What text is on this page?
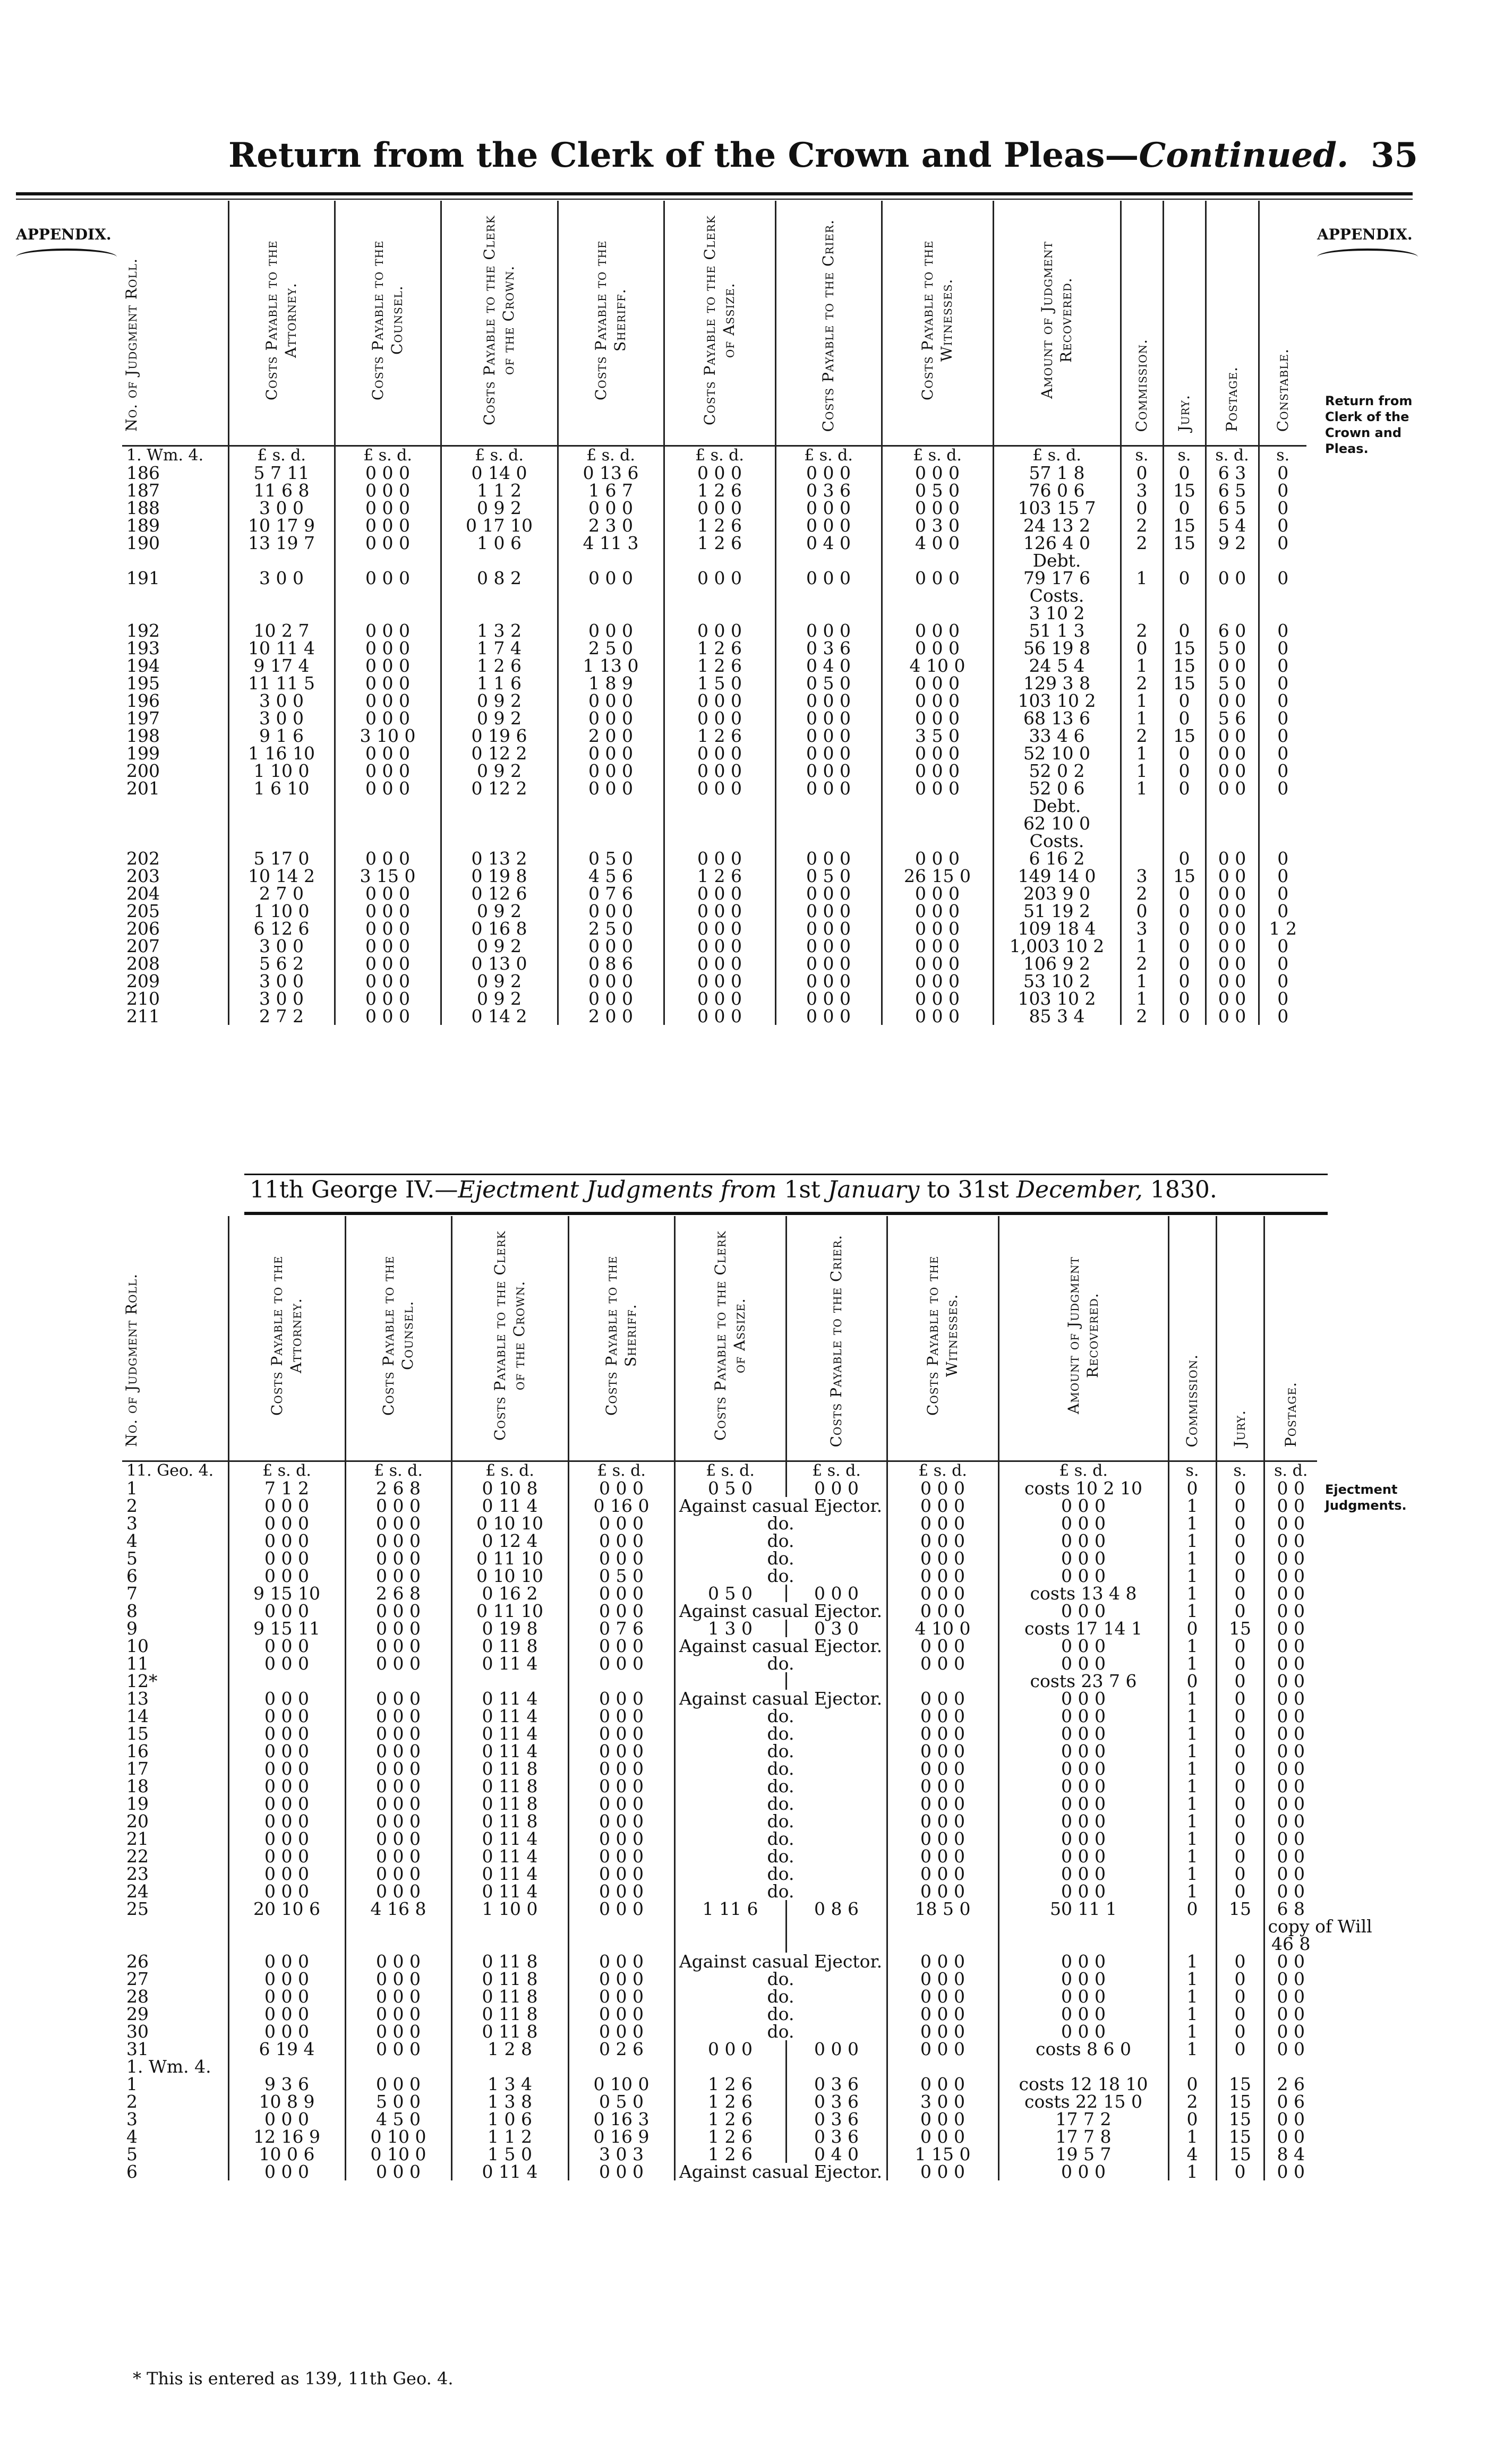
Return from the Clerk of the Crown and Pleas—Continued. 35
APPENDIX.	APPENDIX.
Return from Clerk of the Crown and Pleas.
Ejectment Judgments.
No. of Judgment Roll.	Costs Payable to the Attorney.	Costs Payable to the Counsel.	Costs Payable to the Clerk of the Crown.	Costs Payable to the Sheriff.	Costs Payable to the Clerk of Assize.	Costs Payable to the Crier.	Costs Payable to the Witnesses.	Amount of Judgment Recovered.	Commission.	Jury.	Postage.	Constable.
1. Wm. 4.	£ s. d.	£ s. d.	£ s. d.	£ s. d.	£ s. d.	£ s. d.	£ s. d.	£ s. d.	s.	s.	s. d.	s.
186	5 7 11	0 0 0	0 14 0	0 13 6	0 0 0	0 0 0	0 0 0	57 1 8	0	0	6 3	0
187	11 6 8	0 0 0	1 1 2	1 6 7	1 2 6	0 3 6	0 5 0	76 0 6	3	15	6 5	0
188	3 0 0	0 0 0	0 9 2	0 0 0	0 0 0	0 0 0	0 0 0	103 15 7	0	0	6 5	0
189	10 17 9	0 0 0	0 17 10	2 3 0	1 2 6	0 0 0	0 3 0	24 13 2	2	15	5 4	0
190	13 19 7	0 0 0	1 0 6	4 11 3	1 2 6	0 4 0	4 0 0	126 4 0	2	15	9 2	0
								Debt.				
191	3 0 0	0 0 0	0 8 2	0 0 0	0 0 0	0 0 0	0 0 0	79 17 6	1	0	0 0	0
								Costs.				
								3 10 2				
192	10 2 7	0 0 0	1 3 2	0 0 0	0 0 0	0 0 0	0 0 0	51 1 3	2	0	6 0	0
193	10 11 4	0 0 0	1 7 4	2 5 0	1 2 6	0 3 6	0 0 0	56 19 8	0	15	5 0	0
194	9 17 4	0 0 0	1 2 6	1 13 0	1 2 6	0 4 0	4 10 0	24 5 4	1	15	0 0	0
195	11 11 5	0 0 0	1 1 6	1 8 9	1 5 0	0 5 0	0 0 0	129 3 8	2	15	5 0	0
196	3 0 0	0 0 0	0 9 2	0 0 0	0 0 0	0 0 0	0 0 0	103 10 2	1	0	0 0	0
197	3 0 0	0 0 0	0 9 2	0 0 0	0 0 0	0 0 0	0 0 0	68 13 6	1	0	5 6	0
198	9 1 6	3 10 0	0 19 6	2 0 0	1 2 6	0 0 0	3 5 0	33 4 6	2	15	0 0	0
199	1 16 10	0 0 0	0 12 2	0 0 0	0 0 0	0 0 0	0 0 0	52 10 0	1	0	0 0	0
200	1 10 0	0 0 0	0 9 2	0 0 0	0 0 0	0 0 0	0 0 0	52 0 2	1	0	0 0	0
201	1 6 10	0 0 0	0 12 2	0 0 0	0 0 0	0 0 0	0 0 0	52 0 6	1	0	0 0	0
								Debt.				
								62 10 0				
								Costs.				
202	5 17 0	0 0 0	0 13 2	0 5 0	0 0 0	0 0 0	0 0 0	6 16 2		0	0 0	0
203	10 14 2	3 15 0	0 19 8	4 5 6	1 2 6	0 5 0	26 15 0	149 14 0	3	15	0 0	0
204	2 7 0	0 0 0	0 12 6	0 7 6	0 0 0	0 0 0	0 0 0	203 9 0	2	0	0 0	0
205	1 10 0	0 0 0	0 9 2	0 0 0	0 0 0	0 0 0	0 0 0	51 19 2	0	0	0 0	0
206	6 12 6	0 0 0	0 16 8	2 5 0	0 0 0	0 0 0	0 0 0	109 18 4	3	0	0 0	1 2
207	3 0 0	0 0 0	0 9 2	0 0 0	0 0 0	0 0 0	0 0 0	1,003 10 2	1	0	0 0	0
208	5 6 2	0 0 0	0 13 0	0 8 6	0 0 0	0 0 0	0 0 0	106 9 2	2	0	0 0	0
209	3 0 0	0 0 0	0 9 2	0 0 0	0 0 0	0 0 0	0 0 0	53 10 2	1	0	0 0	0
210	3 0 0	0 0 0	0 9 2	0 0 0	0 0 0	0 0 0	0 0 0	103 10 2	1	0	0 0	0
211	2 7 2	0 0 0	0 14 2	2 0 0	0 0 0	0 0 0	0 0 0	85 3 4	2	0	0 0	0
11th George IV.—Ejectment Judgments from 1st January to 31st December, 1830.
No. of Judgment Roll.	Costs Payable to the Attorney.	Costs Payable to the Counsel.	Costs Payable to the Clerk of the Crown.	Costs Payable to the Sheriff.	Costs Payable to the Clerk of Assize.	Costs Payable to the Crier.	Costs Payable to the Witnesses.	Amount of Judgment Recovered.	Commission.	Jury.	Postage.
11. Geo. 4.	£ s. d.	£ s. d.	£ s. d.	£ s. d.	£ s. d.	£ s. d.	£ s. d.	£ s. d.	s.	s.	s. d.
1	7 1 2	2 6 8	0 10 8	0 0 0	0 5 0	0 0 0	0 0 0	costs 10 2 10	0	0	0 0
2	0 0 0	0 0 0	0 11 4	0 16 0	Against casual Ejector.		0 0 0	0 0 0	1	0	0 0
3	0 0 0	0 0 0	0 10 10	0 0 0	do.		0 0 0	0 0 0	1	0	0 0
4	0 0 0	0 0 0	0 12 4	0 0 0	do.		0 0 0	0 0 0	1	0	0 0
5	0 0 0	0 0 0	0 11 10	0 0 0	do.		0 0 0	0 0 0	1	0	0 0
6	0 0 0	0 0 0	0 10 10	0 5 0	do.		0 0 0	0 0 0	1	0	0 0
7	9 15 10	2 6 8	0 16 2	0 0 0	0 5 0	0 0 0	0 0 0	costs 13 4 8	1	0	0 0
8	0 0 0	0 0 0	0 11 10	0 0 0	Against casual Ejector.		0 0 0	0 0 0	1	0	0 0
9	9 15 11	0 0 0	0 19 8	0 7 6	1 3 0	0 3 0	4 10 0	costs 17 14 1	0	15	0 0
10	0 0 0	0 0 0	0 11 8	0 0 0	Against casual Ejector.		0 0 0	0 0 0	1	0	0 0
11	0 0 0	0 0 0	0 11 4	0 0 0	do.		0 0 0	0 0 0	1	0	0 0
12*								costs 23 7 6	0	0	0 0
13	0 0 0	0 0 0	0 11 4	0 0 0	Against casual Ejector.		0 0 0	0 0 0	1	0	0 0
14	0 0 0	0 0 0	0 11 4	0 0 0	do.		0 0 0	0 0 0	1	0	0 0
15	0 0 0	0 0 0	0 11 4	0 0 0	do.		0 0 0	0 0 0	1	0	0 0
16	0 0 0	0 0 0	0 11 4	0 0 0	do.		0 0 0	0 0 0	1	0	0 0
17	0 0 0	0 0 0	0 11 8	0 0 0	do.		0 0 0	0 0 0	1	0	0 0
18	0 0 0	0 0 0	0 11 8	0 0 0	do.		0 0 0	0 0 0	1	0	0 0
19	0 0 0	0 0 0	0 11 8	0 0 0	do.		0 0 0	0 0 0	1	0	0 0
20	0 0 0	0 0 0	0 11 8	0 0 0	do.		0 0 0	0 0 0	1	0	0 0
21	0 0 0	0 0 0	0 11 4	0 0 0	do.		0 0 0	0 0 0	1	0	0 0
22	0 0 0	0 0 0	0 11 4	0 0 0	do.		0 0 0	0 0 0	1	0	0 0
23	0 0 0	0 0 0	0 11 4	0 0 0	do.		0 0 0	0 0 0	1	0	0 0
24	0 0 0	0 0 0	0 11 4	0 0 0	do.		0 0 0	0 0 0	1	0	0 0
25	20 10 6	4 16 8	1 10 0	0 0 0	1 11 6	0 8 6	18 5 0	50 11 1	0	15	6 8
											copy of Will
											46 8
26	0 0 0	0 0 0	0 11 8	0 0 0	Against casual Ejector.		0 0 0	0 0 0	1	0	0 0
27	0 0 0	0 0 0	0 11 8	0 0 0	do.		0 0 0	0 0 0	1	0	0 0
28	0 0 0	0 0 0	0 11 8	0 0 0	do.		0 0 0	0 0 0	1	0	0 0
29	0 0 0	0 0 0	0 11 8	0 0 0	do.		0 0 0	0 0 0	1	0	0 0
30	0 0 0	0 0 0	0 11 8	0 0 0	do.		0 0 0	0 0 0	1	0	0 0
31	6 19 4	0 0 0	1 2 8	0 2 6	0 0 0	0 0 0	0 0 0	costs 8 6 0	1	0	0 0
1. Wm. 4.											
1	9 3 6	0 0 0	1 3 4	0 10 0	1 2 6	0 3 6	0 0 0	costs 12 18 10	0	15	2 6
2	10 8 9	5 0 0	1 3 8	0 5 0	1 2 6	0 3 6	3 0 0	costs 22 15 0	2	15	0 6
3	0 0 0	4 5 0	1 0 6	0 16 3	1 2 6	0 3 6	0 0 0	17 7 2	0	15	0 0
4	12 16 9	0 10 0	1 1 2	0 16 9	1 2 6	0 3 6	0 0 0	17 7 8	1	15	0 0
5	10 0 6	0 10 0	1 5 0	3 0 3	1 2 6	0 4 0	1 15 0	19 5 7	4	15	8 4
6	0 0 0	0 0 0	0 11 4	0 0 0	Against casual Ejector.		0 0 0	0 0 0	1	0	0 0
* This is entered as 139, 11th Geo. 4.
